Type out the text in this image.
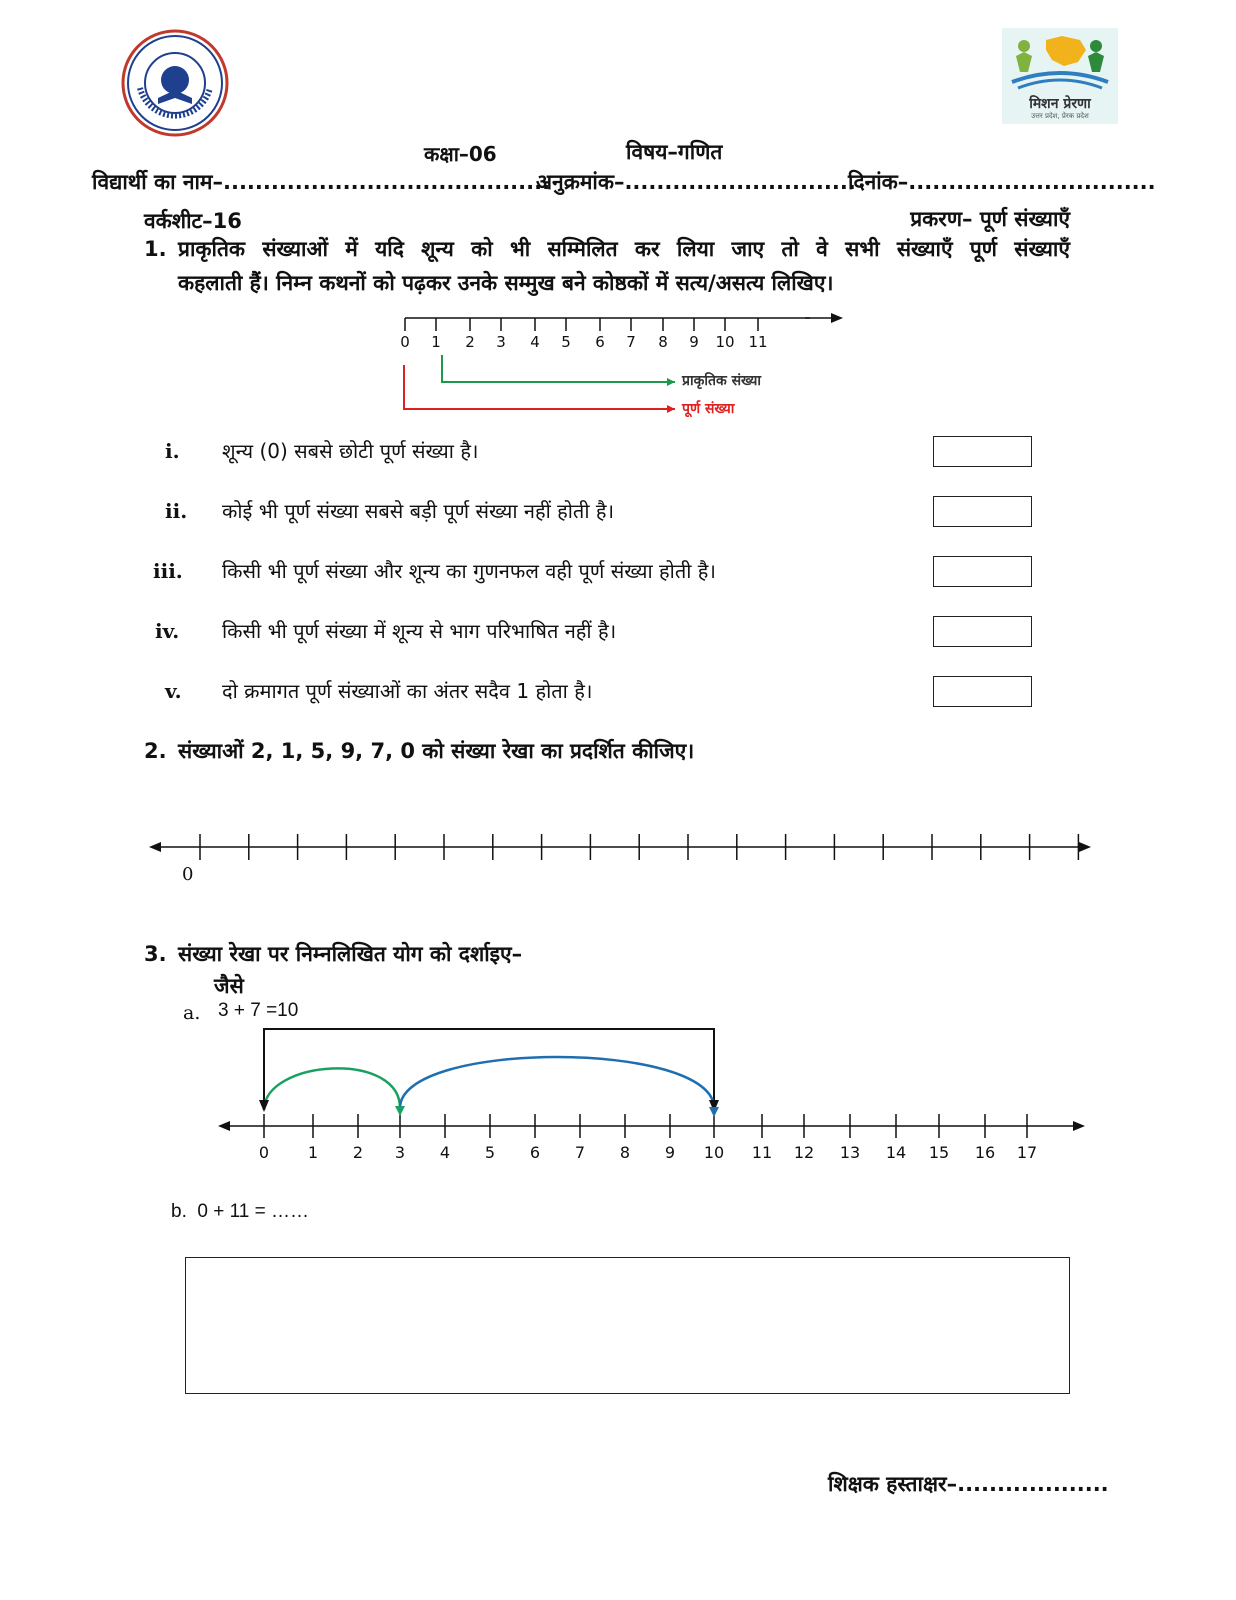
मिशन प्रेरणा
उत्तर प्रदेश, प्रेरक प्रदेश
कक्षा–06	विषय–गणित
विद्यार्थी का नाम–.........................................
अनुक्रमांक–.............................
दिनांक–...............................
वर्कशीट–16	प्रकरण– पूर्ण संख्याएँ
1. प्राकृतिक संख्याओं में यदि शून्य को भी सम्मिलित कर लिया जाए तो वे सभी संख्याएँ पूर्ण संख्याएँ
कहलाती हैं। निम्न कथनों को पढ़कर उनके सम्मुख बने कोष्ठकों में सत्य/असत्य लिखिए।
0 1 2 3 4 5 6 7 8 9 10 11
प्राकृतिक संख्या
पूर्ण संख्या
i. शून्य (0) सबसे छोटी पूर्ण संख्या है।
ii. कोई भी पूर्ण संख्या सबसे बड़ी पूर्ण संख्या नहीं होती है।
iii. किसी भी पूर्ण संख्या और शून्य का गुणनफल वही पूर्ण संख्या होती है।
iv. किसी भी पूर्ण संख्या में शून्य से भाग परिभाषित नहीं है।
v. दो क्रमागत पूर्ण संख्याओं का अंतर सदैव 1 होता है।
2. संख्याओं 2, 1, 5, 9, 7, 0 को संख्या रेखा का प्रदर्शित कीजिए।
0
3. संख्या रेखा पर निम्नलिखित योग को दर्शाइए–
जैसे
a. 3 + 7 =10
0 1 2 3 4 5 6 7 8 9 10 11 12 13 14 15 16 17
b.  0 + 11 = ……
शिक्षक हस्ताक्षर–...................
